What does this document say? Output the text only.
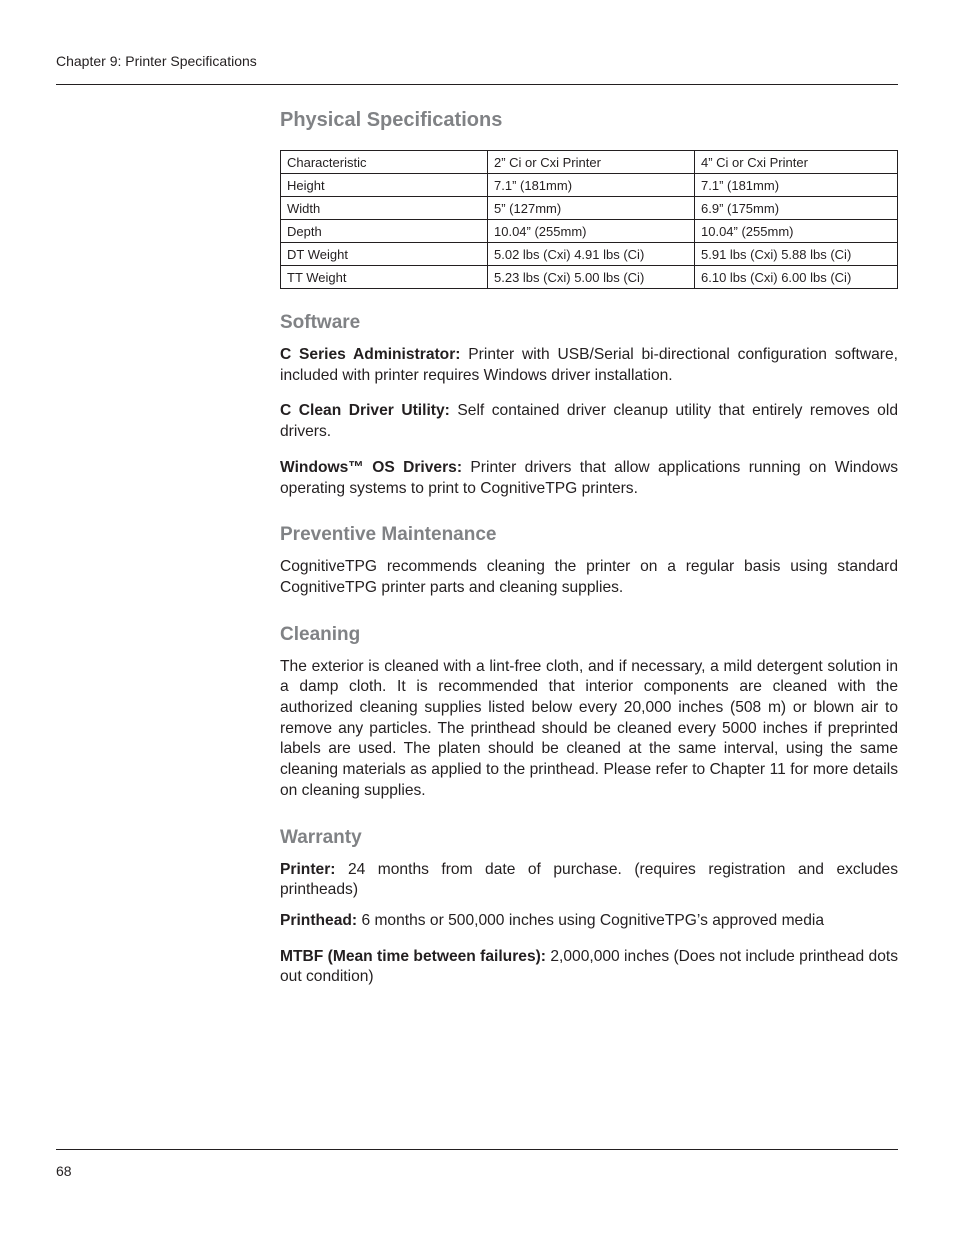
Chapter 9: Printer Specifications
Physical Specifications
Characteristic	2” Ci or Cxi Printer	4” Ci or Cxi Printer
Height	7.1” (181mm)	7.1” (181mm)
Width	5” (127mm)	6.9” (175mm)
Depth	10.04” (255mm)	10.04” (255mm)
DT Weight	5.02 lbs (Cxi) 4.91 lbs (Ci)	5.91 lbs (Cxi) 5.88 lbs (Ci)
TT Weight	5.23 lbs (Cxi) 5.00 lbs (Ci)	6.10 lbs (Cxi) 6.00 lbs (Ci)
Software

C Series Administrator: Printer with USB/Serial bi-directional configuration software, included with printer requires Windows driver installation.

C Clean Driver Utility: Self contained driver cleanup utility that entirely removes old drivers.

Windows™ OS Drivers: Printer drivers that allow applications running on Windows operating systems to print to CognitiveTPG printers.

Preventive Maintenance

CognitiveTPG recommends cleaning the printer on a regular basis using standard CognitiveTPG printer parts and cleaning supplies.

Cleaning

The exterior is cleaned with a lint-free cloth, and if necessary, a mild detergent solution in a damp cloth. It is recommended that interior components are cleaned with the authorized cleaning supplies listed below every 20,000 inches (508 m) or blown air to remove any particles. The printhead should be cleaned every 5000 inches if preprinted labels are used. The platen should be cleaned at the same interval, using the same cleaning materials as applied to the printhead. Please refer to Chapter 11 for more details on cleaning supplies.

Warranty

Printer: 24 months from date of purchase. (requires registration and excludes printheads)

Printhead: 6 months or 500,000 inches using CognitiveTPG’s approved media

MTBF (Mean time between failures): 2,000,000 inches (Does not include printhead dots out condition)

68
